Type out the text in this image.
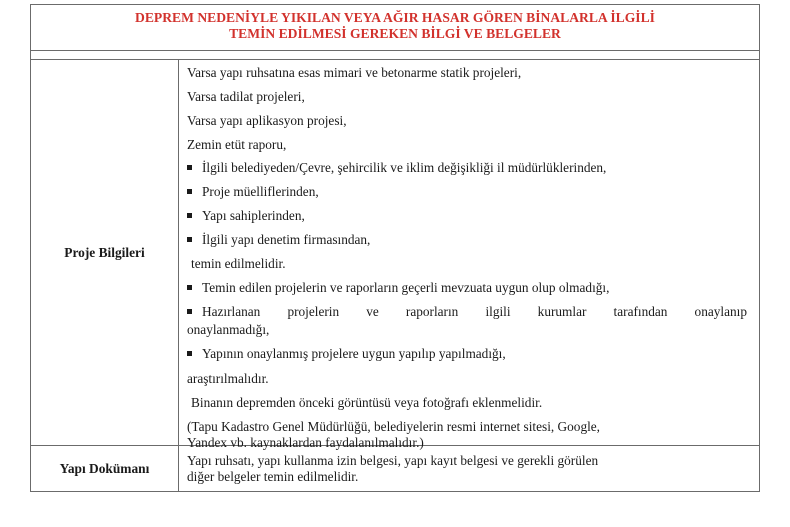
DEPREM NEDENİYLE YIKILAN VEYA AĞIR HASAR GÖREN BİNALARLA İLGİLİ
TEMİN EDİLMESİ GEREKEN BİLGİ VE BELGELER
Proje Bilgileri
Varsa yapı ruhsatına esas mimari ve betonarme statik projeleri,
Varsa tadilat projeleri,
Varsa yapı aplikasyon projesi,
Zemin etüt raporu,
İlgili belediyeden/Çevre, şehircilik ve iklim değişikliği il müdürlüklerinden,
Proje müelliflerinden,
Yapı sahiplerinden,
İlgili yapı denetim firmasından,
temin edilmelidir.
Temin edilen projelerin ve raporların geçerli mevzuata uygun olup olmadığı,
Hazırlanan projelerin ve raporların ilgili kurumlar tarafından onaylanıp
onaylanmadığı,
Yapının onaylanmış projelere uygun yapılıp yapılmadığı,
araştırılmalıdır.
Binanın depremden önceki görüntüsü veya fotoğrafı eklenmelidir.
(Tapu Kadastro Genel Müdürlüğü, belediyelerin resmi internet sitesi, Google,
Yandex vb. kaynaklardan faydalanılmalıdır.)
Yapı Dokümanı
Yapı ruhsatı, yapı kullanma izin belgesi, yapı kayıt belgesi ve gerekli görülen
diğer belgeler temin edilmelidir.
